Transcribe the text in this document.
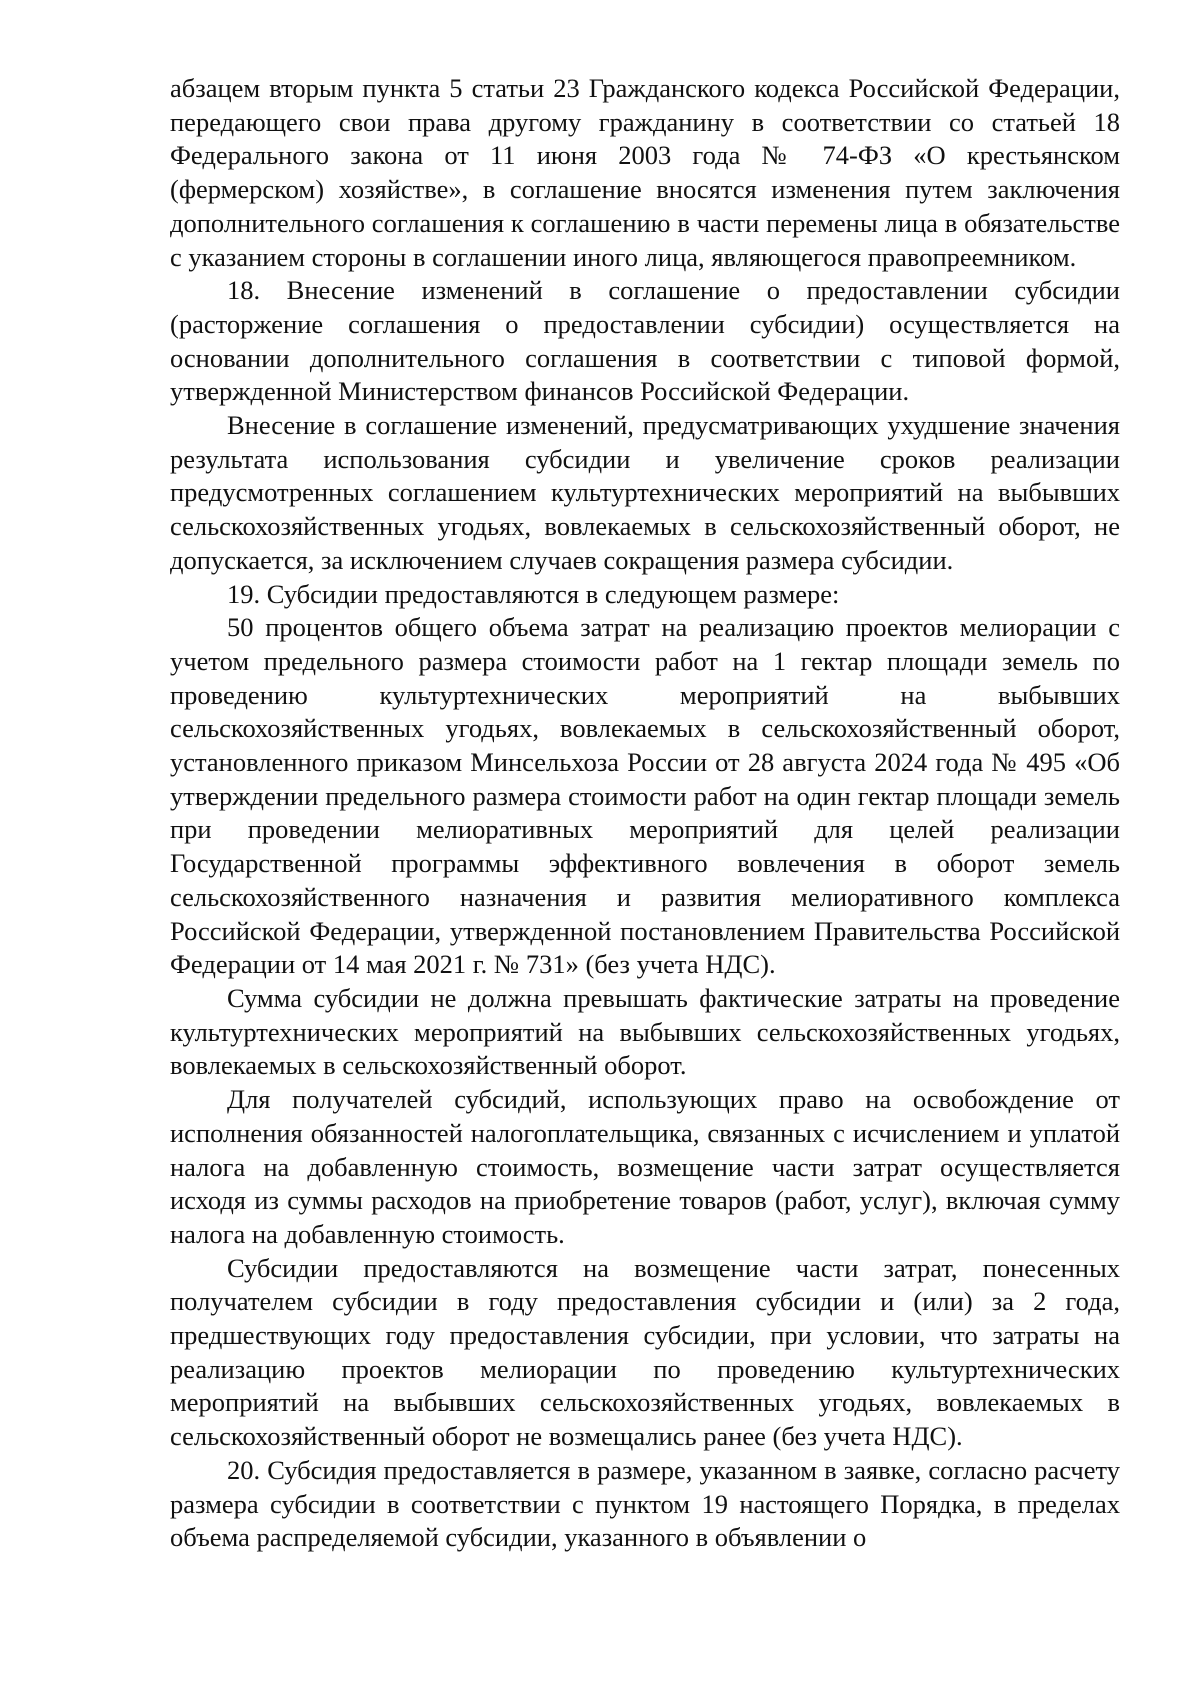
абзацем вторым пункта 5 статьи 23 Гражданского кодекса Российской Федерации, передающего свои права другому гражданину в соответствии со статьей 18 Федерального закона от 11 июня 2003 года № 74-ФЗ «О крестьянском (фермерском) хозяйстве», в соглашение вносятся изменения путем заключения дополнительного соглашения к соглашению в части перемены лица в обязательстве с указанием стороны в соглашении иного лица, являющегося правопреемником.

18. Внесение изменений в соглашение о предоставлении субсидии (расторжение соглашения о предоставлении субсидии) осуществляется на основании дополнительного соглашения в соответствии с типовой формой, утвержденной Министерством финансов Российской Федерации.

Внесение в соглашение изменений, предусматривающих ухудшение значения результата использования субсидии и увеличение сроков реализации предусмотренных соглашением культуртехнических мероприятий на выбывших сельскохозяйственных угодьях, вовлекаемых в сельскохозяйственный оборот, не допускается, за исключением случаев сокращения размера субсидии.

19. Субсидии предоставляются в следующем размере:

50 процентов общего объема затрат на реализацию проектов мелиорации с учетом предельного размера стоимости работ на 1 гектар площади земель по проведению культуртехнических мероприятий на выбывших сельскохозяйственных угодьях, вовлекаемых в сельскохозяйственный оборот, установленного приказом Минсельхоза России от 28 августа 2024 года № 495 «Об утверждении предельного размера стоимости работ на один гектар площади земель при проведении мелиоративных мероприятий для целей реализации Государственной программы эффективного вовлечения в оборот земель сельскохозяйственного назначения и развития мелиоративного комплекса Российской Федерации, утвержденной постановлением Правительства Российской Федерации от 14 мая 2021 г. № 731» (без учета НДС).

Сумма субсидии не должна превышать фактические затраты на проведение культуртехнических мероприятий на выбывших сельскохозяйственных угодьях, вовлекаемых в сельскохозяйственный оборот.

Для получателей субсидий, использующих право на освобождение от исполнения обязанностей налогоплательщика, связанных с исчислением и уплатой налога на добавленную стоимость, возмещение части затрат осуществляется исходя из суммы расходов на приобретение товаров (работ, услуг), включая сумму налога на добавленную стоимость.

Субсидии предоставляются на возмещение части затрат, понесенных получателем субсидии в году предоставления субсидии и (или) за 2 года, предшествующих году предоставления субсидии, при условии, что затраты на реализацию проектов мелиорации по проведению культуртехнических мероприятий на выбывших сельскохозяйственных угодьях, вовлекаемых в сельскохозяйственный оборот не возмещались ранее (без учета НДС).

20. Субсидия предоставляется в размере, указанном в заявке, согласно расчету размера субсидии в соответствии с пунктом 19 настоящего Порядка, в пределах объема распределяемой субсидии, указанного в объявлении о
